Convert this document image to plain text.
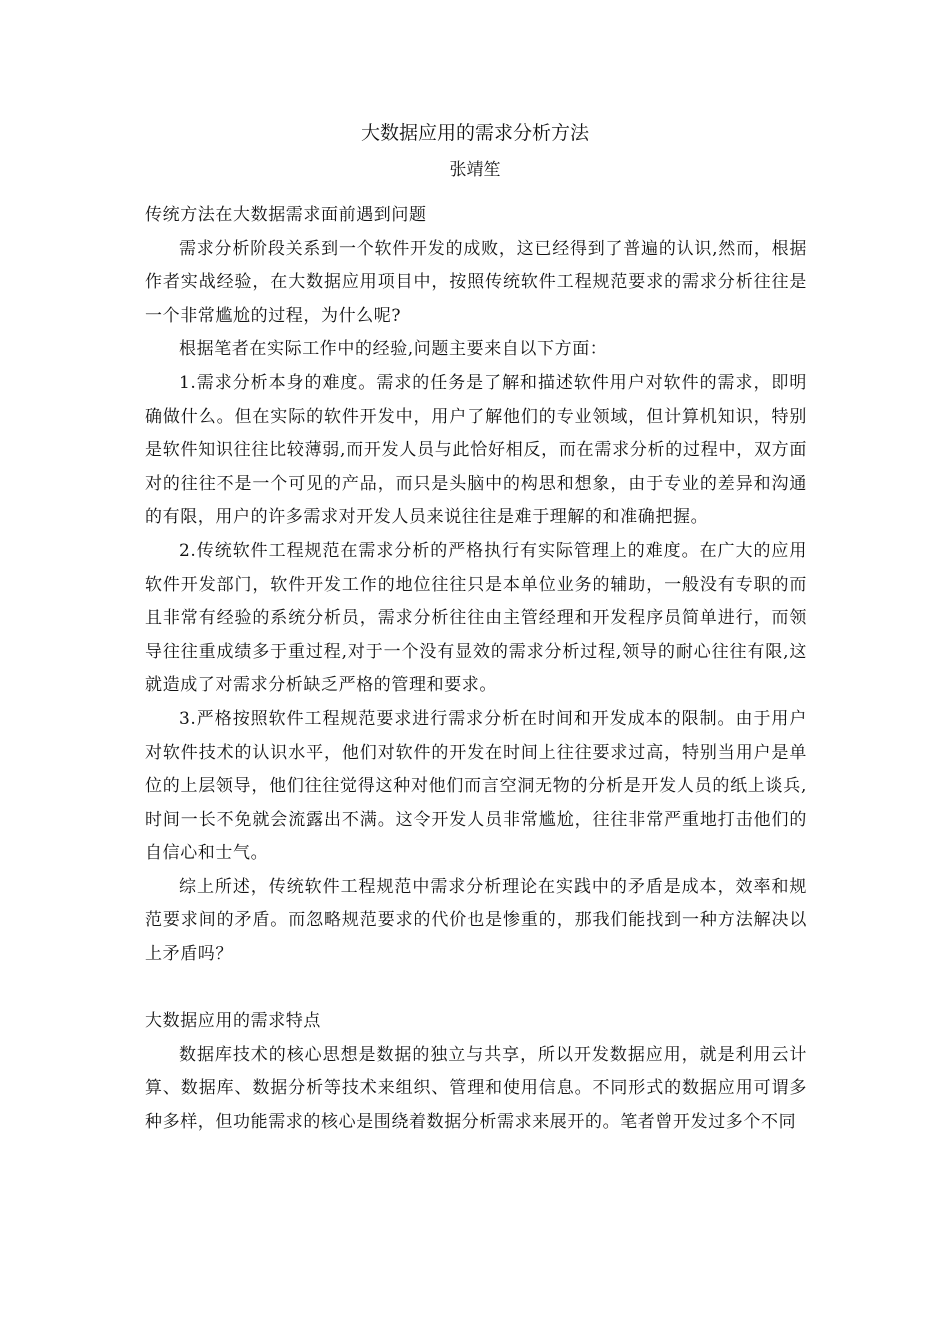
大数据应用的需求分析方法
张靖笙

传统方法在大数据需求面前遇到问题

需求分析阶段关系到一个软件开发的成败，这已经得到了普遍的认识,然而，根据作者实战经验，在大数据应用项目中，按照传统软件工程规范要求的需求分析往往是一个非常尴尬的过程，为什么呢?

根据笔者在实际工作中的经验,问题主要来自以下方面：

1.需求分析本身的难度。需求的任务是了解和描述软件用户对软件的需求，即明确做什么。但在实际的软件开发中，用户了解他们的专业领域，但计算机知识，特别是软件知识往往比较薄弱,而开发人员与此恰好相反，而在需求分析的过程中，双方面对的往往不是一个可见的产品，而只是头脑中的构思和想象，由于专业的差异和沟通的有限，用户的许多需求对开发人员来说往往是难于理解的和准确把握。

2.传统软件工程规范在需求分析的严格执行有实际管理上的难度。在广大的应用软件开发部门，软件开发工作的地位往往只是本单位业务的辅助，一般没有专职的而且非常有经验的系统分析员，需求分析往往由主管经理和开发程序员简单进行，而领导往往重成绩多于重过程,对于一个没有显效的需求分析过程,领导的耐心往往有限,这就造成了对需求分析缺乏严格的管理和要求。

3.严格按照软件工程规范要求进行需求分析在时间和开发成本的限制。由于用户对软件技术的认识水平，他们对软件的开发在时间上往往要求过高，特别当用户是单位的上层领导，他们往往觉得这种对他们而言空洞无物的分析是开发人员的纸上谈兵,时间一长不免就会流露出不满。这令开发人员非常尴尬，往往非常严重地打击他们的自信心和士气。

综上所述，传统软件工程规范中需求分析理论在实践中的矛盾是成本，效率和规范要求间的矛盾。而忽略规范要求的代价也是惨重的，那我们能找到一种方法解决以上矛盾吗？

大数据应用的需求特点

数据库技术的核心思想是数据的独立与共享，所以开发数据应用，就是利用云计算、数据库、数据分析等技术来组织、管理和使用信息。不同形式的数据应用可谓多种多样，但功能需求的核心是围绕着数据分析需求来展开的。笔者曾开发过多个不同
